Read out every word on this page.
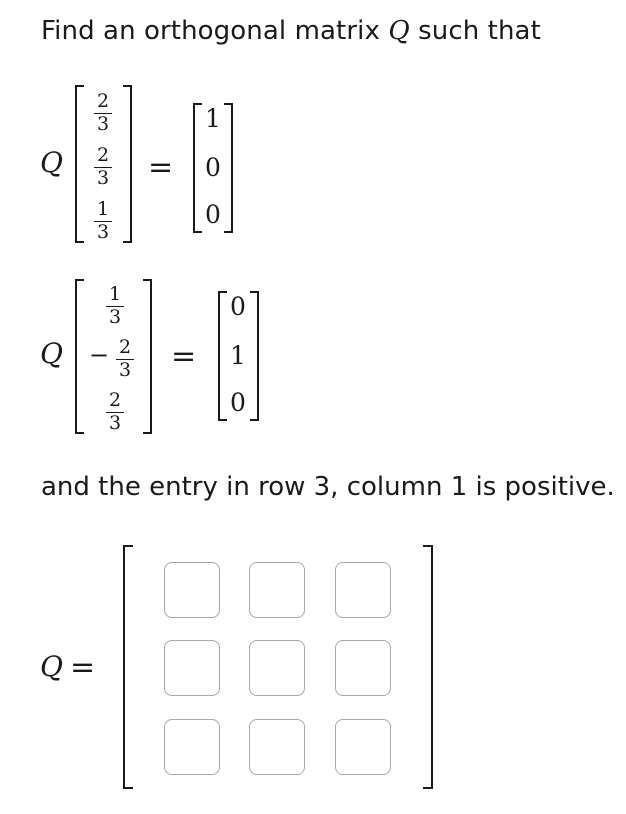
Find an orthogonal matrix Q such that
Q
2
3
2
3
1
3
=
1
0
0
Q
1
3
− 2
3
2
3
=
0
1
0
and the entry in row 3, column 1 is positive.
Q =
